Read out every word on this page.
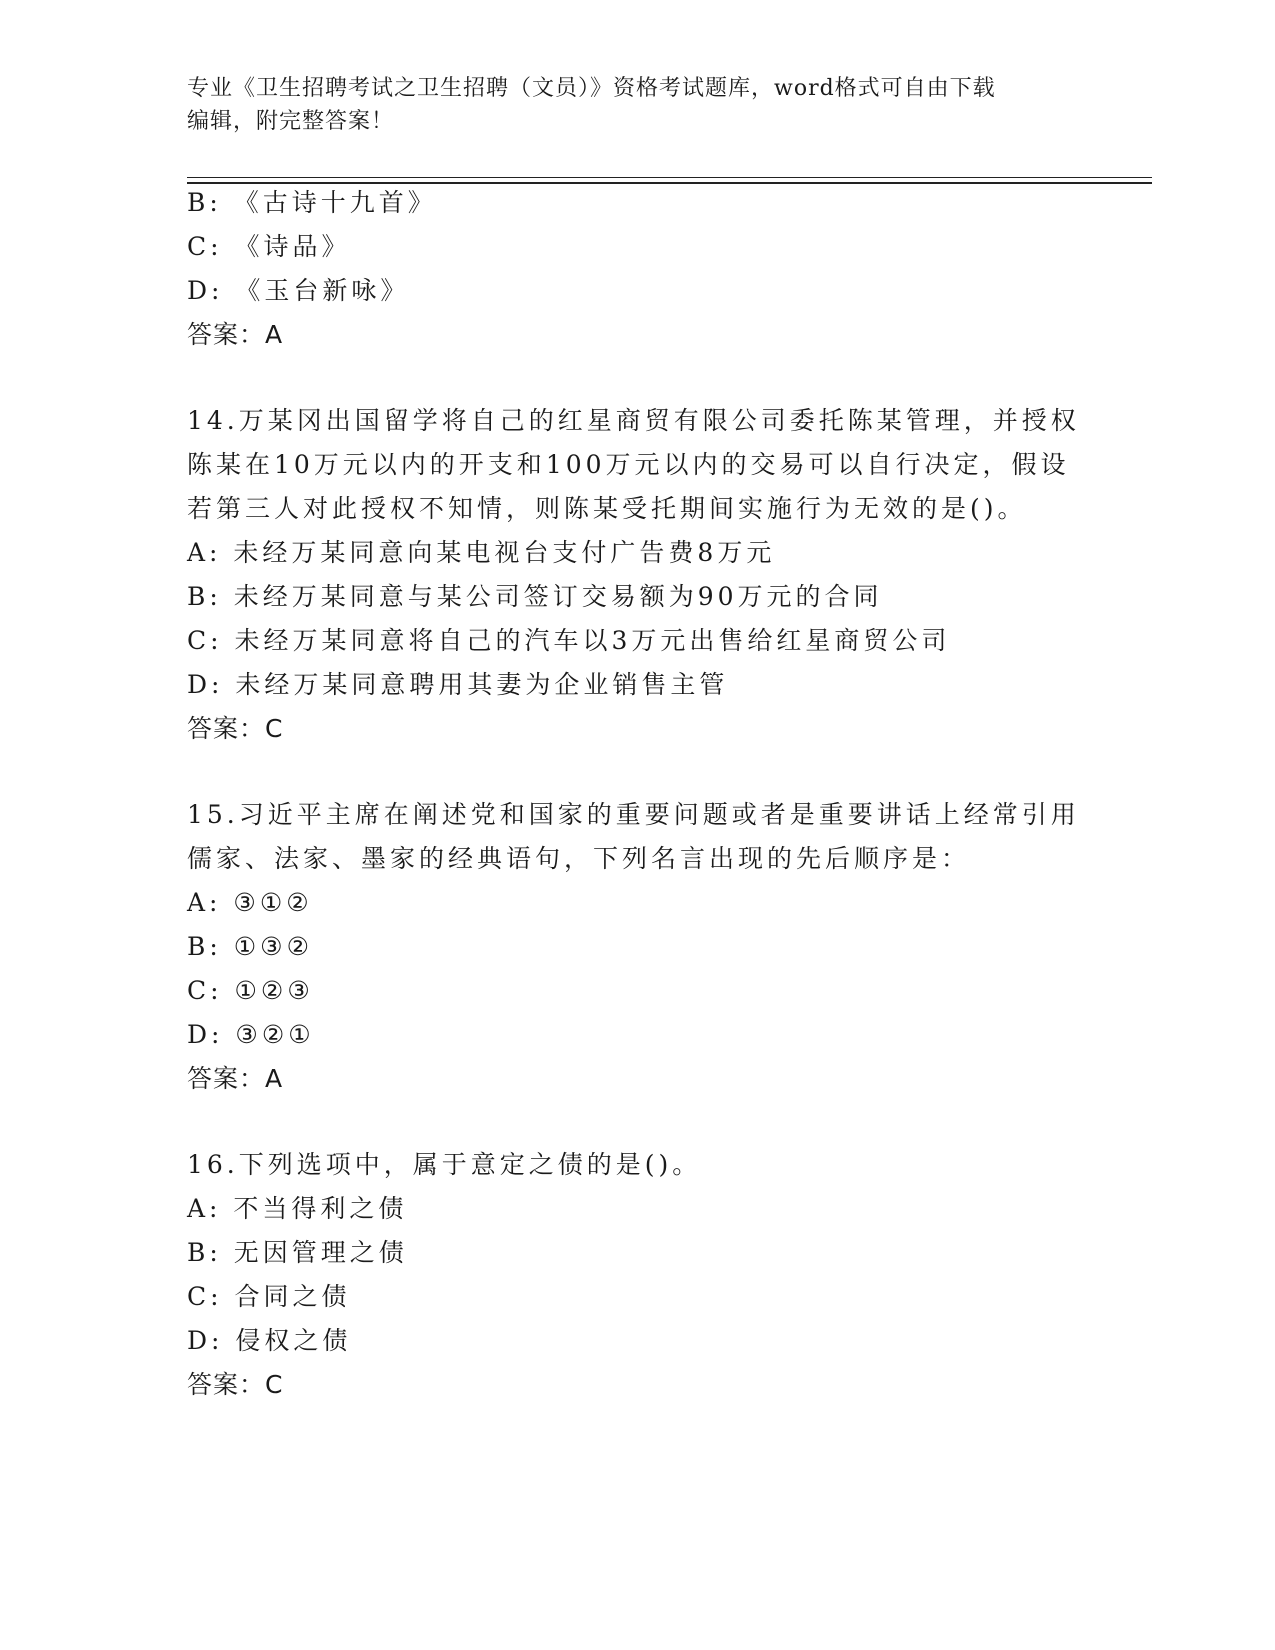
专业《卫生招聘考试之卫生招聘（文员）》资格考试题库，word格式可自由下载
编辑，附完整答案！
B: 《古诗十九首》
C: 《诗品》
D: 《玉台新咏》
答案：A
14.万某冈出国留学将自己的红星商贸有限公司委托陈某管理，并授权
陈某在10万元以内的开支和100万元以内的交易可以自行决定，假设
若第三人对此授权不知情，则陈某受托期间实施行为无效的是()。
A: 未经万某同意向某电视台支付广告费8万元
B: 未经万某同意与某公司签订交易额为90万元的合同
C: 未经万某同意将自己的汽车以3万元出售给红星商贸公司
D: 未经万某同意聘用其妻为企业销售主管
答案：C
15.习近平主席在阐述党和国家的重要问题或者是重要讲话上经常引用
儒家、法家、墨家的经典语句，下列名言出现的先后顺序是：
A: ③①②
B: ①③②
C: ①②③
D: ③②①
答案：A
16.下列选项中，属于意定之债的是()。
A: 不当得利之债
B: 无因管理之债
C: 合同之债
D: 侵权之债
答案：C
